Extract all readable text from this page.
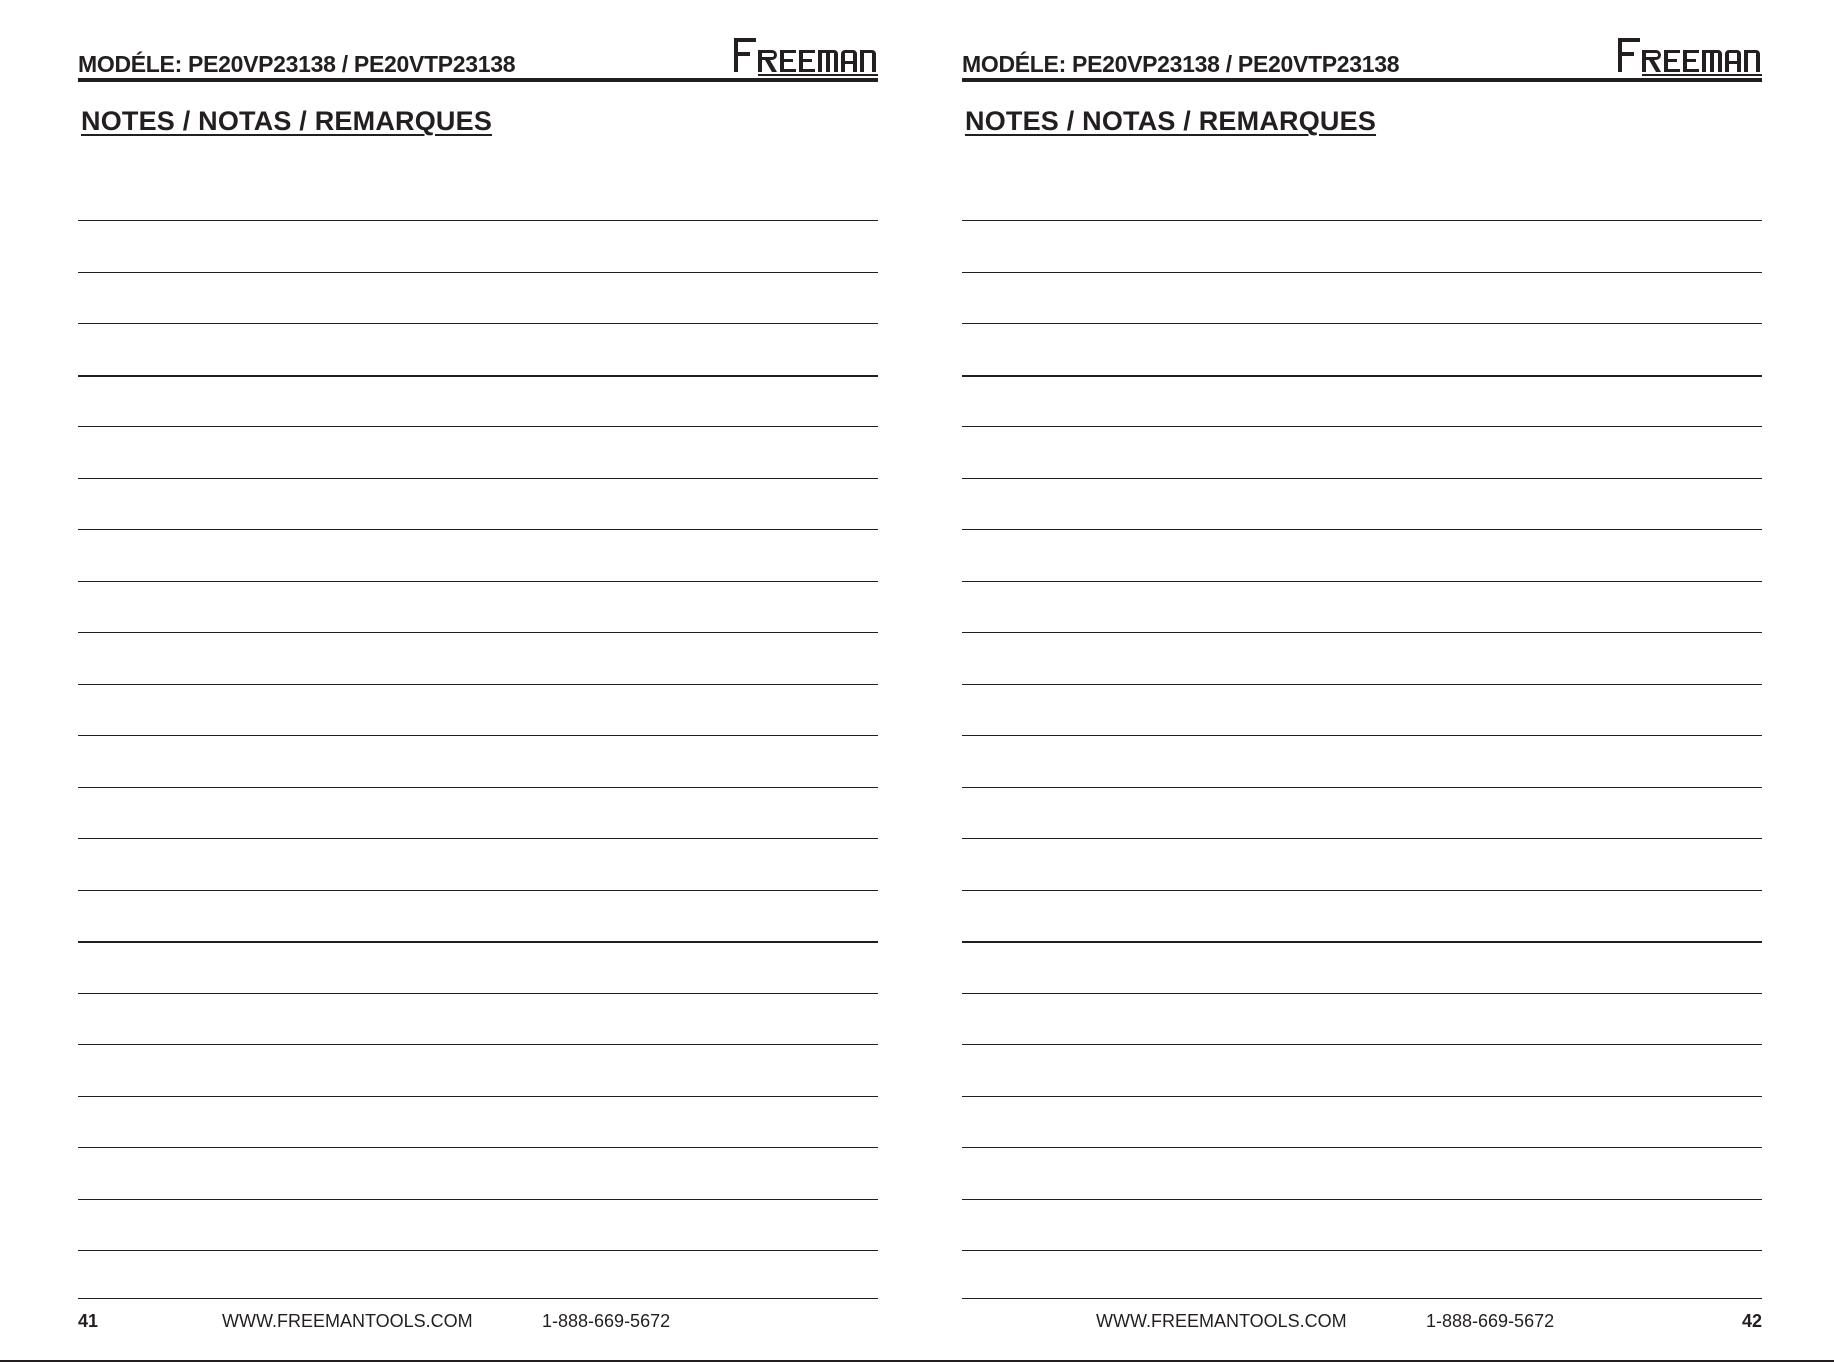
MODÉLE: PE20VP23138 / PE20VTP23138
NOTES / NOTAS / REMARQUES
41	WWW.FREEMANTOOLS.COM	1-888-669-5672
MODÉLE: PE20VP23138 / PE20VTP23138
NOTES / NOTAS / REMARQUES
WWW.FREEMANTOOLS.COM	1-888-669-5672	42
